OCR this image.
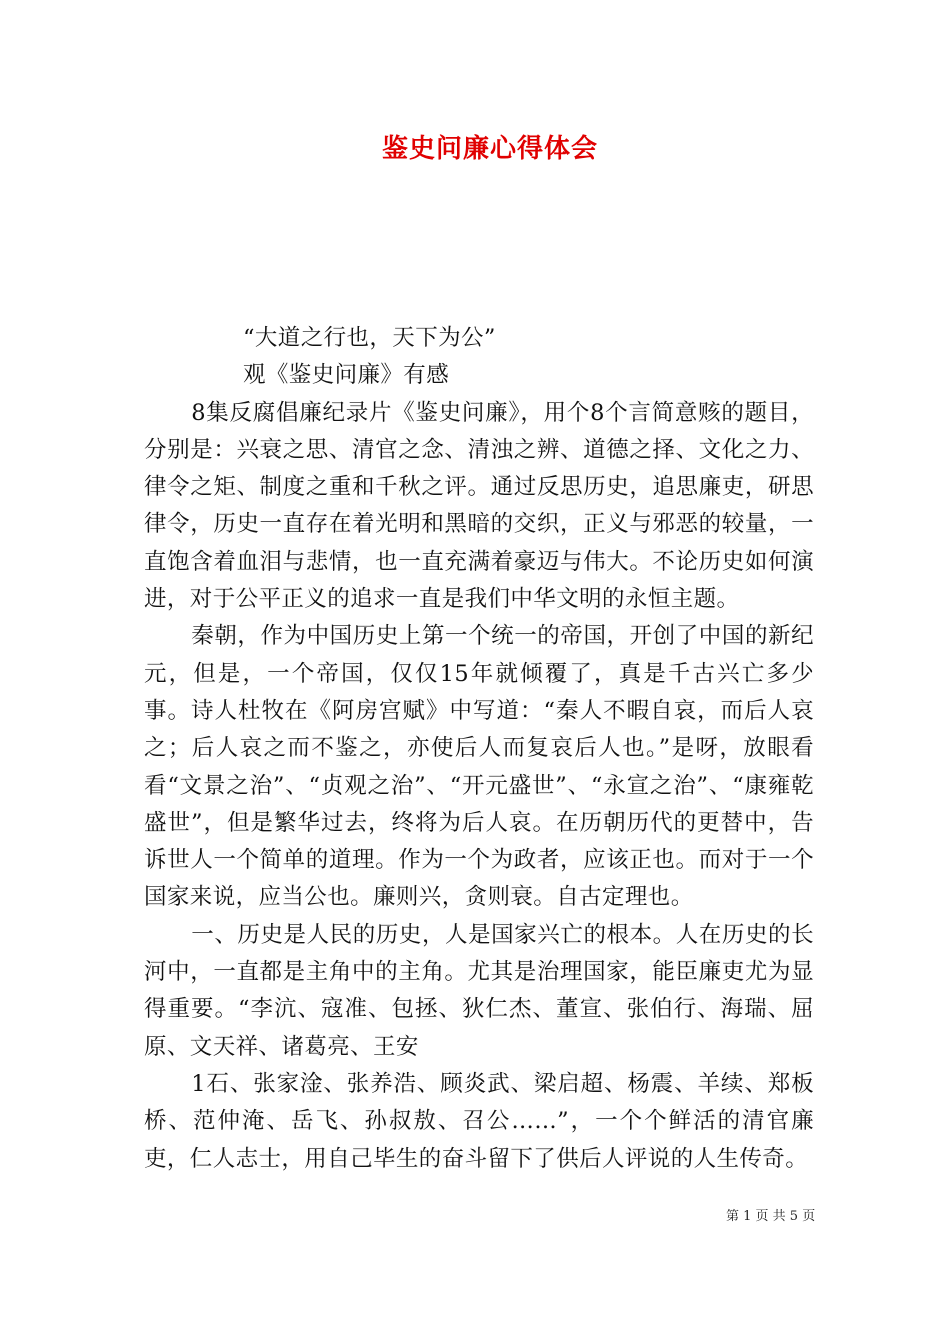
鉴史问廉心得体会

“大道之行也，天下为公”

观《鉴史问廉》有感

8集反腐倡廉纪录片《鉴史问廉》，用个8个言简意赅的题目，分别是：兴衰之思、清官之念、清浊之辨、道德之择、文化之力、律令之矩、制度之重和千秋之评。通过反思历史，追思廉吏，研思律令，历史一直存在着光明和黑暗的交织，正义与邪恶的较量，一直饱含着血泪与悲情，也一直充满着豪迈与伟大。不论历史如何演进，对于公平正义的追求一直是我们中华文明的永恒主题。

秦朝，作为中国历史上第一个统一的帝国，开创了中国的新纪元，但是，一个帝国，仅仅15年就倾覆了，真是千古兴亡多少事。诗人杜牧在《阿房宫赋》中写道：“秦人不暇自哀，而后人哀之；后人哀之而不鉴之，亦使后人而复哀后人也。”是呀，放眼看看“文景之治”、“贞观之治”、“开元盛世”、“永宣之治”、“康雍乾盛世”，但是繁华过去，终将为后人哀。在历朝历代的更替中，告诉世人一个简单的道理。作为一个为政者，应该正也。而对于一个国家来说，应当公也。廉则兴，贪则衰。自古定理也。

一、历史是人民的历史，人是国家兴亡的根本。人在历史的长河中，一直都是主角中的主角。尤其是治理国家，能臣廉吏尤为显得重要。“李沆、寇准、包拯、狄仁杰、董宣、张伯行、海瑞、屈原、文天祥、诸葛亮、王安

1石、张家淦、张养浩、顾炎武、梁启超、杨震、羊续、郑板桥、范仲淹、岳飞、孙叔敖、召公……”，一个个鲜活的清官廉吏，仁人志士，用自己毕生的奋斗留下了供后人评说的人生传奇。

第 1 页 共 5 页
